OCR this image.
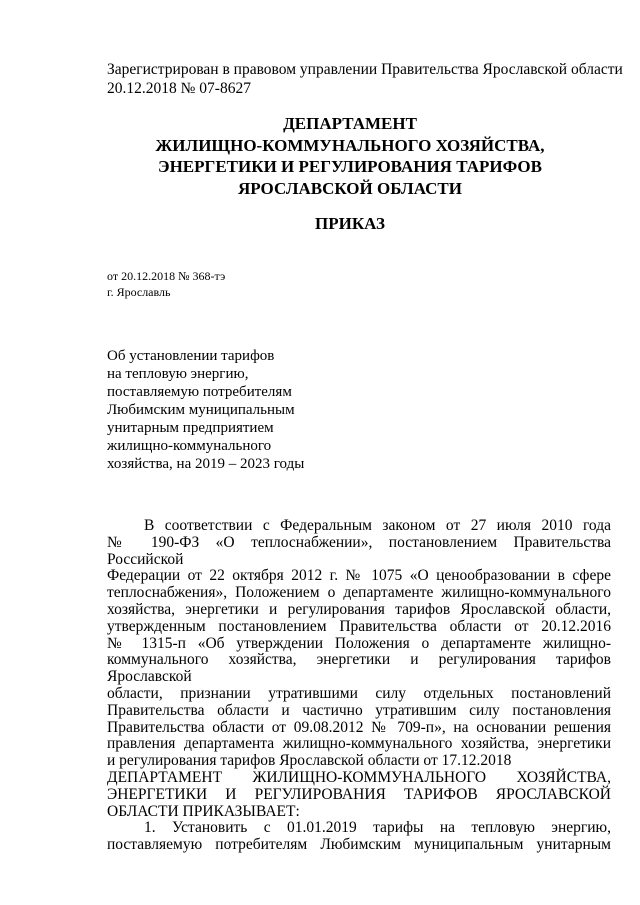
Зарегистрирован в правовом управлении Правительства Ярославской области
20.12.2018 № 07-8627
ДЕПАРТАМЕНТ
ЖИЛИЩНО-КОММУНАЛЬНОГО ХОЗЯЙСТВА,
ЭНЕРГЕТИКИ И РЕГУЛИРОВАНИЯ ТАРИФОВ
ЯРОСЛАВСКОЙ ОБЛАСТИ
ПРИКАЗ
от 20.12.2018 № 368-тэ
г. Ярославль
Об установлении тарифов
на тепловую энергию,
поставляемую потребителям
Любимским муниципальным
унитарным предприятием
жилищно-коммунального
хозяйства, на 2019 – 2023 годы
В соответствии с Федеральным законом от 27 июля 2010 года
№ 190-ФЗ «О теплоснабжении», постановлением Правительства Российской
Федерации от 22 октября 2012 г. № 1075 «О ценообразовании в сфере
теплоснабжения», Положением о департаменте жилищно-коммунального
хозяйства, энергетики и регулирования тарифов Ярославской области,
утвержденным постановлением Правительства области от 20.12.2016
№ 1315-п «Об утверждении Положения о департаменте жилищно-
коммунального хозяйства, энергетики и регулирования тарифов Ярославской
области, признании утратившими силу отдельных постановлений
Правительства области и частично утратившим силу постановления
Правительства области от 09.08.2012 № 709-п», на основании решения
правления департамента жилищно-коммунального хозяйства, энергетики
и регулирования тарифов Ярославской области от 17.12.2018
ДЕПАРТАМЕНТ ЖИЛИЩНО-КОММУНАЛЬНОГО ХОЗЯЙСТВА,
ЭНЕРГЕТИКИ И РЕГУЛИРОВАНИЯ ТАРИФОВ ЯРОСЛАВСКОЙ
ОБЛАСТИ ПРИКАЗЫВАЕТ:
1. Установить с 01.01.2019 тарифы на тепловую энергию,
поставляемую потребителям Любимским муниципальным унитарным
